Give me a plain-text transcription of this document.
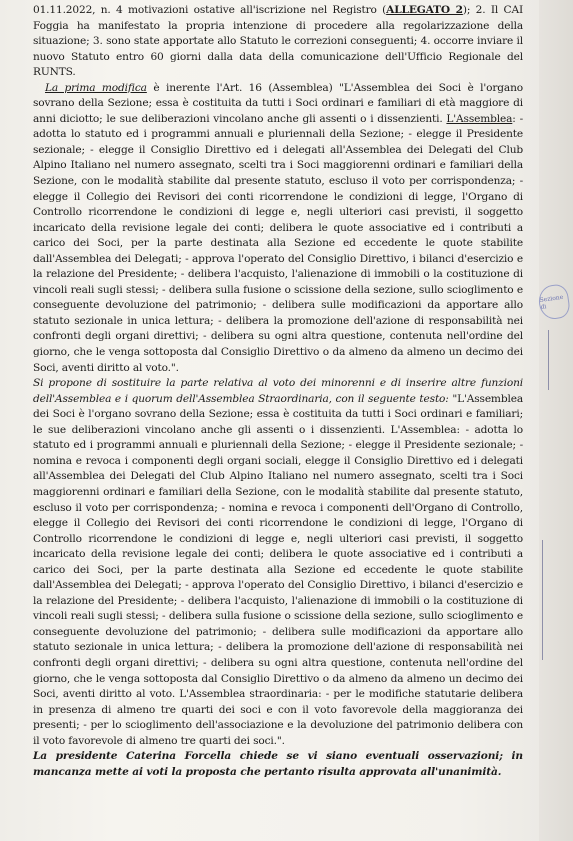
01.11.2022, n. 4 motivazioni ostative all'iscrizione nel Registro (ALLEGATO 2); 2. Il CAI Foggia ha manifestato la propria intenzione di procedere alla regolarizzazione della situazione; 3. sono state apportate allo Statuto le correzioni conseguenti; 4. occorre inviare il nuovo Statuto entro 60 giorni dalla data della comunicazione dell'Ufficio Regionale del RUNTS.

La prima modifica è inerente l'Art. 16 (Assemblea) "L'Assemblea dei Soci è l'organo sovrano della Sezione; essa è costituita da tutti i Soci ordinari e familiari di età maggiore di anni diciotto; le sue deliberazioni vincolano anche gli assenti o i dissenzienti. L'Assemblea: - adotta lo statuto ed i programmi annuali e pluriennali della Sezione; - elegge il Presidente sezionale; - elegge il Consiglio Direttivo ed i delegati all'Assemblea dei Delegati del Club Alpino Italiano nel numero assegnato, scelti tra i Soci maggiorenni ordinari e familiari della Sezione, con le modalità stabilite dal presente statuto, escluso il voto per corrispondenza; - elegge il Collegio dei Revisori dei conti ricorrendone le condizioni di legge, l'Organo di Controllo ricorrendone le condizioni di legge e, negli ulteriori casi previsti, il soggetto incaricato della revisione legale dei conti; delibera le quote associative ed i contributi a carico dei Soci, per la parte destinata alla Sezione ed eccedente le quote stabilite dall'Assemblea dei Delegati; - approva l'operato del Consiglio Direttivo, i bilanci d'esercizio e la relazione del Presidente; - delibera l'acquisto, l'alienazione di immobili o la costituzione di vincoli reali sugli stessi; - delibera sulla fusione o scissione della sezione, sullo scioglimento e conseguente devoluzione del patrimonio; - delibera sulle modificazioni da apportare allo statuto sezionale in unica lettura; - delibera la promozione dell'azione di responsabilità nei confronti degli organi direttivi; - delibera su ogni altra questione, contenuta nell'ordine del giorno, che le venga sottoposta dal Consiglio Direttivo o da almeno da almeno un decimo dei Soci, aventi diritto al voto.".

Si propone di sostituire la parte relativa al voto dei minorenni e di inserire altre funzioni dell'Assemblea e i quorum dell'Assemblea Straordinaria, con il seguente testo: "L'Assemblea dei Soci è l'organo sovrano della Sezione; essa è costituita da tutti i Soci ordinari e familiari; le sue deliberazioni vincolano anche gli assenti o i dissenzienti. L'Assemblea: - adotta lo statuto ed i programmi annuali e pluriennali della Sezione; - elegge il Presidente sezionale; - nomina e revoca i componenti degli organi sociali, elegge il Consiglio Direttivo ed i delegati all'Assemblea dei Delegati del Club Alpino Italiano nel numero assegnato, scelti tra i Soci maggiorenni ordinari e familiari della Sezione, con le modalità stabilite dal presente statuto, escluso il voto per corrispondenza; - nomina e revoca i componenti dell'Organo di Controllo, elegge il Collegio dei Revisori dei conti ricorrendone le condizioni di legge, l'Organo di Controllo ricorrendone le condizioni di legge e, negli ulteriori casi previsti, il soggetto incaricato della revisione legale dei conti; delibera le quote associative ed i contributi a carico dei Soci, per la parte destinata alla Sezione ed eccedente le quote stabilite dall'Assemblea dei Delegati; - approva l'operato del Consiglio Direttivo, i bilanci d'esercizio e la relazione del Presidente; - delibera l'acquisto, l'alienazione di immobili o la costituzione di vincoli reali sugli stessi; - delibera sulla fusione o scissione della sezione, sullo scioglimento e conseguente devoluzione del patrimonio; - delibera sulle modificazioni da apportare allo statuto sezionale in unica lettura; - delibera la promozione dell'azione di responsabilità nei confronti degli organi direttivi; - delibera su ogni altra questione, contenuta nell'ordine del giorno, che le venga sottoposta dal Consiglio Direttivo o da almeno da almeno un decimo dei Soci, aventi diritto al voto. L'Assemblea straordinaria: - per le modifiche statutarie delibera in presenza di almeno tre quarti dei soci e con il voto favorevole della maggioranza dei presenti; - per lo scioglimento dell'associazione e la devoluzione del patrimonio delibera con il voto favorevole di almeno tre quarti dei soci.".

La presidente Caterina Forcella chiede se vi siano eventuali osservazioni; in mancanza mette ai voti la proposta che pertanto risulta approvata all'unanimità.

Sezione di
